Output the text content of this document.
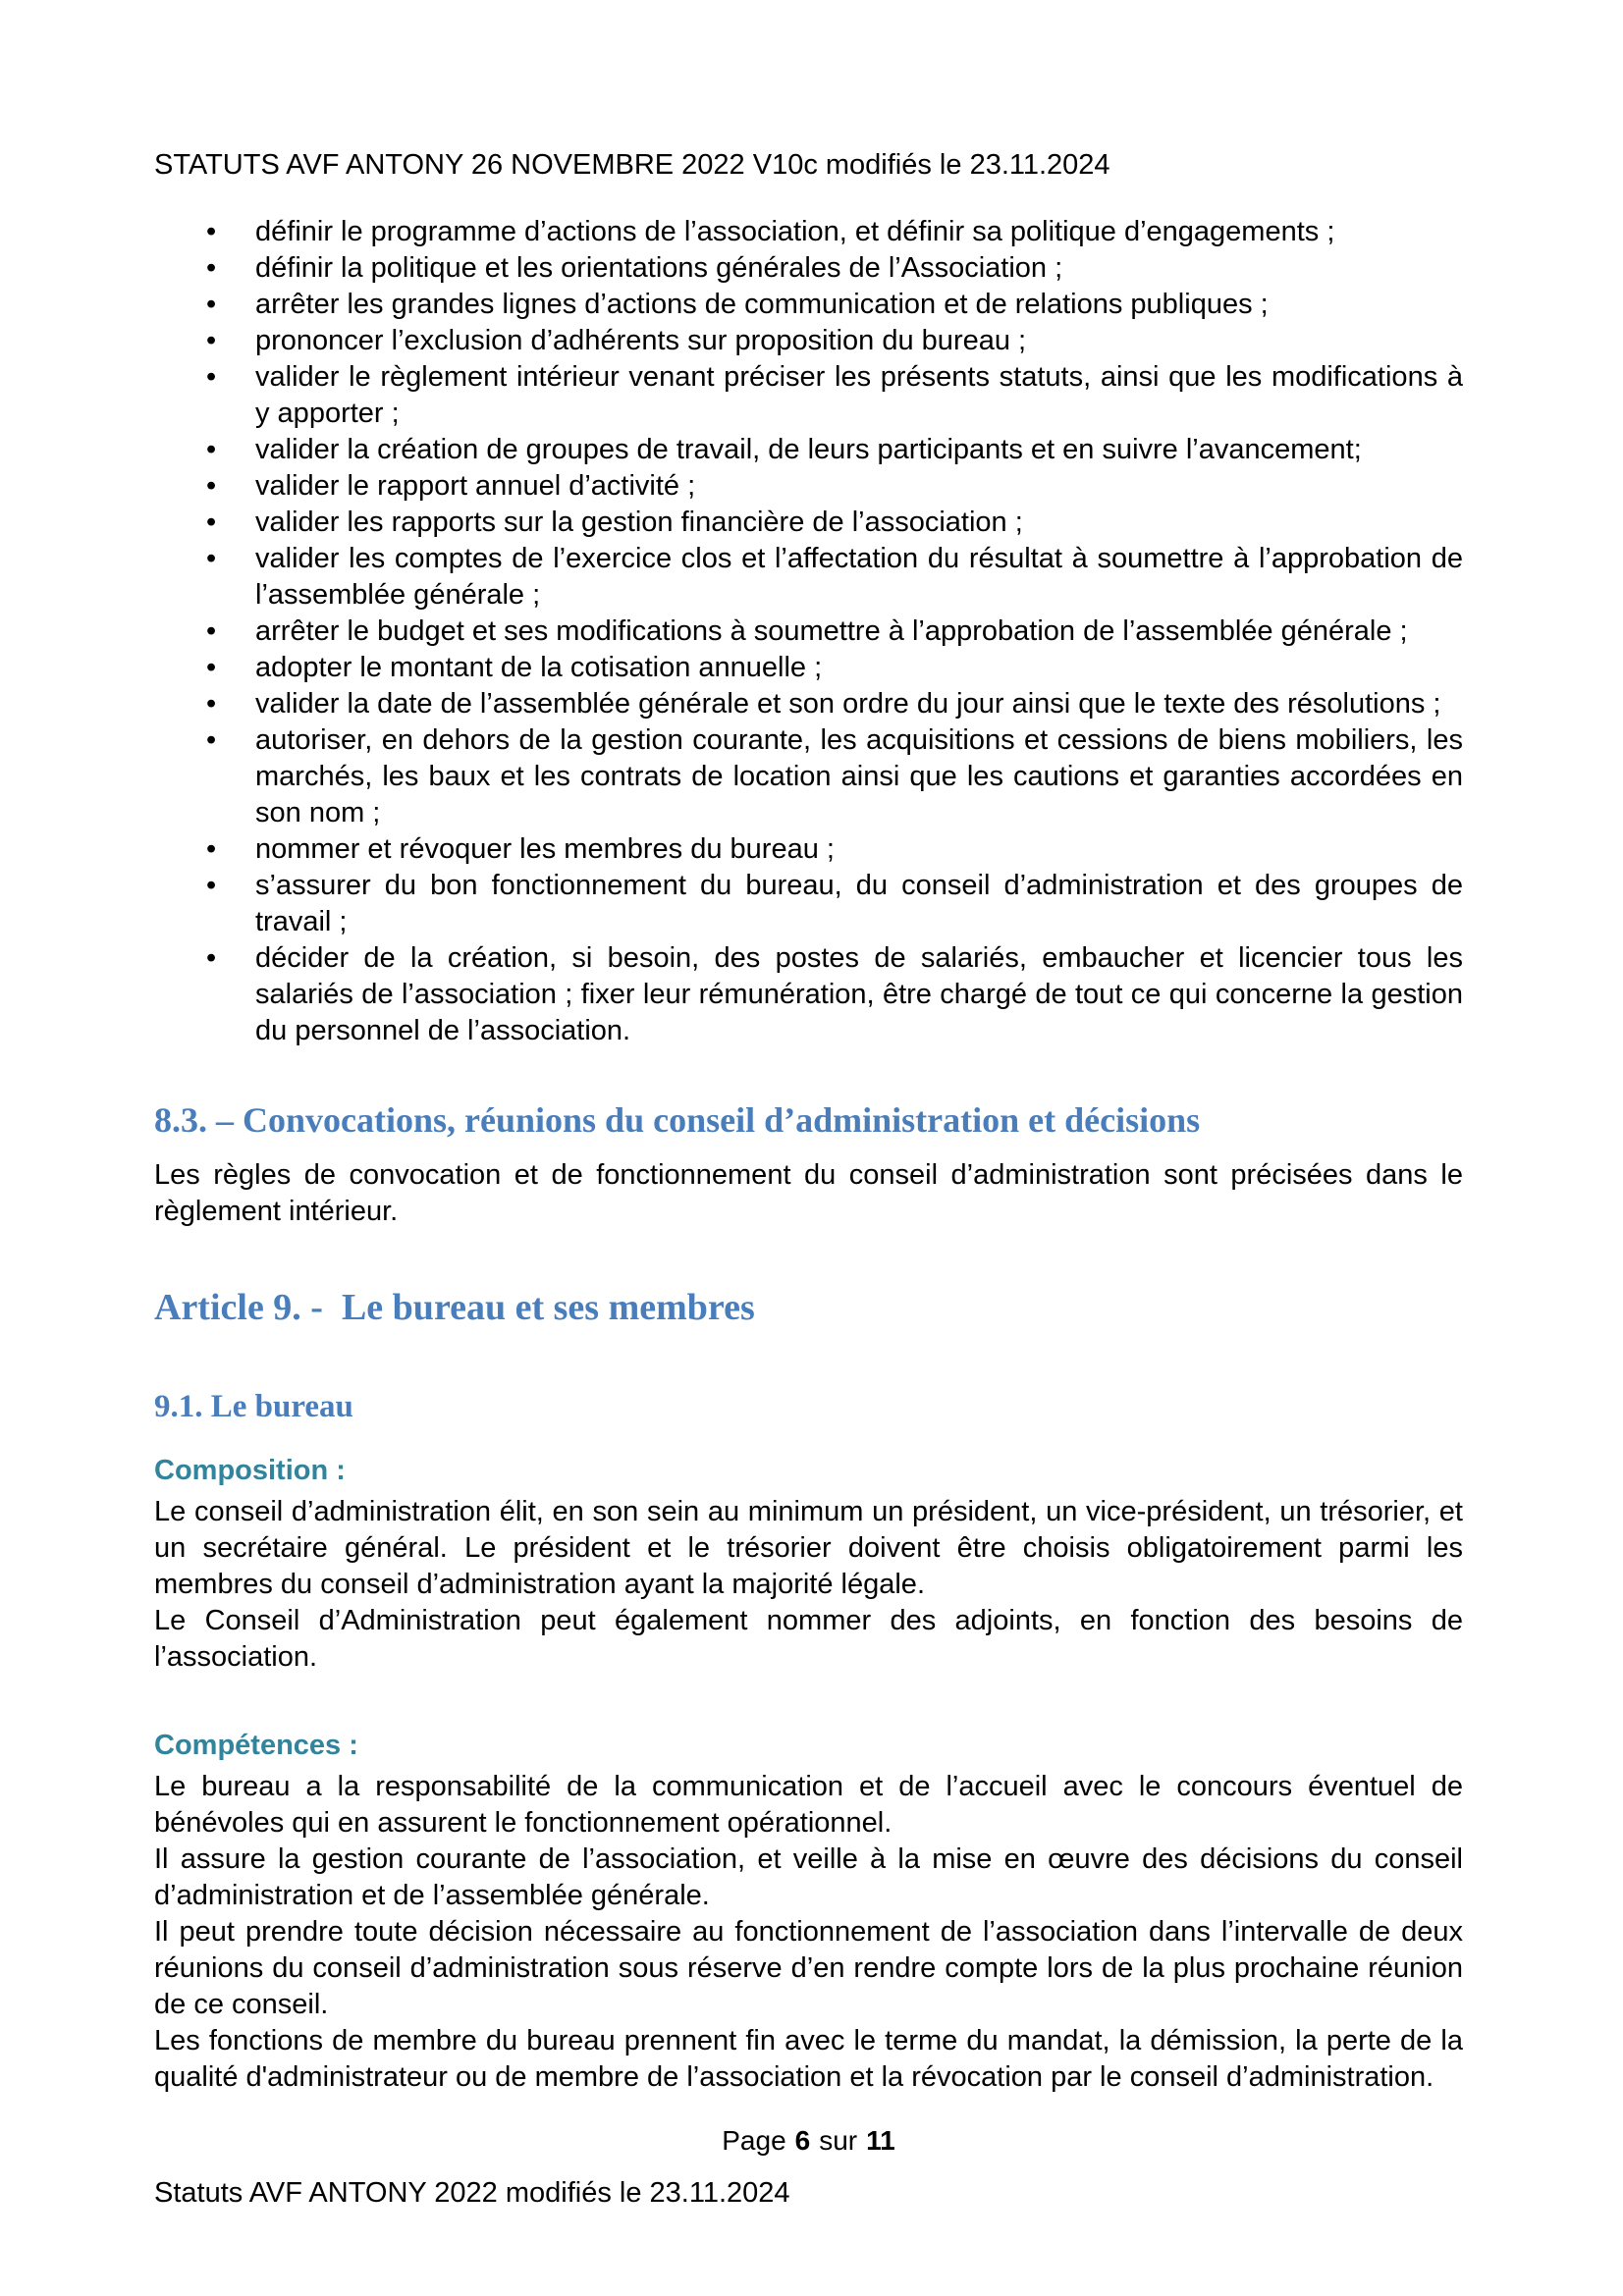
STATUTS AVF ANTONY 26 NOVEMBRE 2022 V10c modifiés le 23.11.2024
• définir le programme d’actions de l’association, et définir sa politique d’engagements ;
• définir la politique et les orientations générales de l’Association ;
• arrêter les grandes lignes d’actions de communication et de relations publiques ;
• prononcer l’exclusion d’adhérents sur proposition du bureau ;
• valider le règlement intérieur venant préciser les présents statuts, ainsi que les modifications à y apporter ;
• valider la création de groupes de travail, de leurs participants et en suivre l’avancement;
• valider le rapport annuel d’activité ;
• valider les rapports sur la gestion financière de l’association ;
• valider les comptes de l’exercice clos et l’affectation du résultat à soumettre à l’approbation de l’assemblée générale ;
• arrêter le budget et ses modifications à soumettre à l’approbation de l’assemblée générale ;
• adopter le montant de la cotisation annuelle ;
• valider la date de l’assemblée générale et son ordre du jour ainsi que le texte des résolutions ;
• autoriser, en dehors de la gestion courante, les acquisitions et cessions de biens mobiliers, les marchés, les baux et les contrats de location ainsi que les cautions et garanties accordées en son nom ;
• nommer et révoquer les membres du bureau ;
• s’assurer du bon fonctionnement du bureau, du conseil d’administration et des groupes de travail ;
• décider de la création, si besoin, des postes de salariés, embaucher et licencier tous les salariés de l’association ; fixer leur rémunération, être chargé de tout ce qui concerne la gestion du personnel de l’association.
8.3. – Convocations, réunions du conseil d’administration et décisions

Les règles de convocation et de fonctionnement du conseil d’administration sont précisées dans le règlement intérieur.

Article 9. -  Le bureau et ses membres
9.1. Le bureau
Composition :

Le conseil d’administration élit, en son sein au minimum un président, un vice-président, un trésorier, et un secrétaire général. Le président et le trésorier doivent être choisis obligatoirement parmi les membres du conseil d’administration ayant la majorité légale.

Le Conseil d’Administration peut également nommer des adjoints, en fonction des besoins de l’association.

Compétences :

Le bureau a la responsabilité de la communication et de l’accueil avec le concours éventuel de bénévoles qui en assurent le fonctionnement opérationnel.

Il assure la gestion courante de l’association, et veille à la mise en œuvre des décisions du conseil d’administration et de l’assemblée générale.

Il peut prendre toute décision nécessaire au fonctionnement de l’association dans l’intervalle de deux réunions du conseil d’administration sous réserve d’en rendre compte lors de la plus prochaine réunion de ce conseil.

Les fonctions de membre du bureau prennent fin avec le terme du mandat, la démission, la perte de la qualité d'administrateur ou de membre de l’association et la révocation par le conseil d’administration.

Page 6 sur 11
Statuts AVF ANTONY 2022 modifiés le 23.11.2024
